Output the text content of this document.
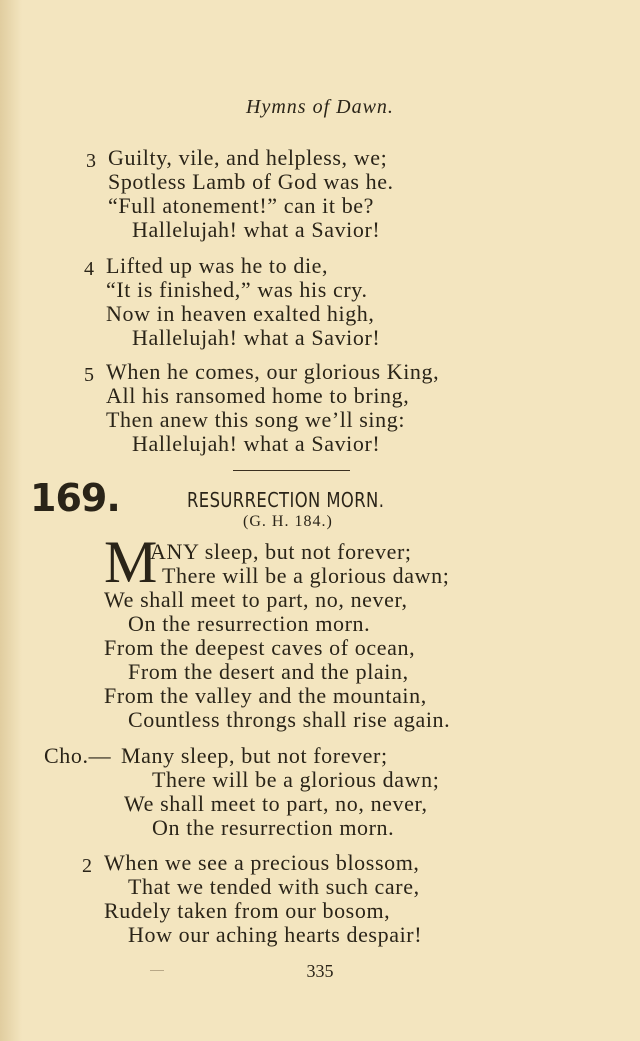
Hymns of Dawn.
3 Guilty, vile, and helpless, we;
Spotless Lamb of God was he.
“Full atonement!” can it be?
Hallelujah! what a Savior!
4 Lifted up was he to die,
“It is finished,” was his cry.
Now in heaven exalted high,
Hallelujah! what a Savior!
5 When he comes, our glorious King,
All his ransomed home to bring,
Then anew this song we’ll sing:
Hallelujah! what a Savior!
169.	RESURRECTION MORN.
(G. H. 184.)
M
ANY sleep, but not forever;
There will be a glorious dawn;
We shall meet to part, no, never,
On the resurrection morn.
From the deepest caves of ocean,
From the desert and the plain,
From the valley and the mountain,
Countless throngs shall rise again.
Cho.— Many sleep, but not forever;
There will be a glorious dawn;
We shall meet to part, no, never,
On the resurrection morn.
2 When we see a precious blossom,
That we tended with such care,
Rudely taken from our bosom,
How our aching hearts despair!
335
